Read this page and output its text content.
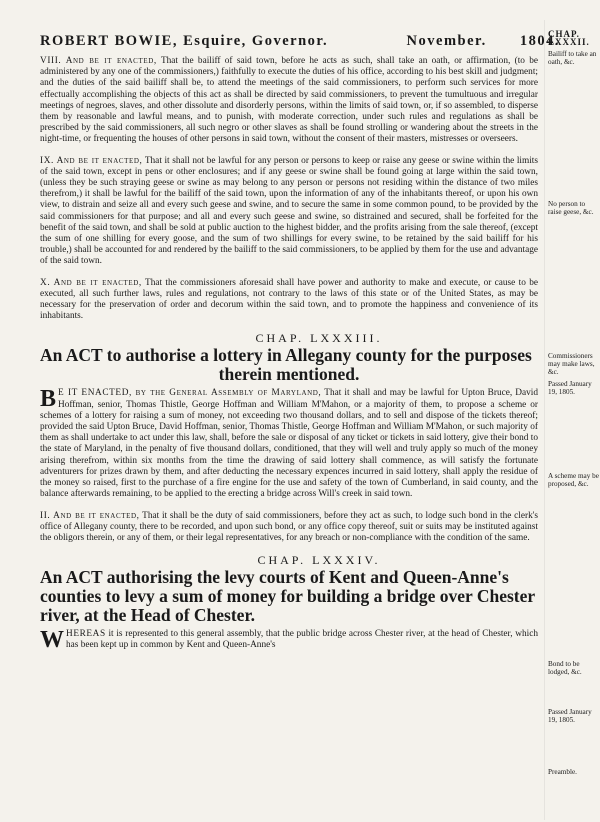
ROBERT BOWIE, Esquire, Governor.	November. 1804.

VIII. And be it enacted, That the bailiff of said town, before he acts as such, shall take an oath, or affirmation, (to be administered by any one of the commissioners,) faithfully to execute the duties of his office, according to his best skill and judgment; and the duties of the said bailiff shall be, to attend the meetings of the said commissioners, to perform such services for more effectually accomplishing the objects of this act as shall be directed by said commissioners, to prevent the tumultuous and irregular meetings of negroes, slaves, and other dissolute and disorderly persons, within the limits of said town, or, if so assembled, to disperse them by reasonable and lawful means, and to punish, with moderate correction, under such rules and regulations as shall be prescribed by the said commissioners, all such negro or other slaves as shall be found strolling or wandering about the streets in the night-time, or frequenting the houses of other persons in said town, without the consent of their masters, mistresses or overseers.

IX. And be it enacted, That it shall not be lawful for any person or persons to keep or raise any geese or swine within the limits of the said town, except in pens or other enclosures; and if any geese or swine shall be found going at large within the said town, (unless they be such straying geese or swine as may belong to any person or persons not residing within the distance of two miles therefrom,) it shall be lawful for the bailiff of the said town, upon the information of any of the inhabitants thereof, or upon his own view, to distrain and seize all and every such geese and swine, and to secure the same in some common pound, to be provided by the said commissioners for that purpose; and all and every such geese and swine, so distrained and secured, shall be forfeited for the benefit of the said town, and shall be sold at public auction to the highest bidder, and the profits arising from the sale thereof, (except the sum of one shilling for every goose, and the sum of two shillings for every swine, to be retained by the said bailiff for his trouble,) shall be accounted for and rendered by the bailiff to the said commissioners, to be applied by them for the use and advantage of the said town.

X. And be it enacted, That the commissioners aforesaid shall have power and authority to make and execute, or cause to be executed, all such further laws, rules and regulations, not contrary to the laws of this state or of the United States, as may be necessary for the preservation of order and decorum within the said town, and to promote the happiness and convenience of its inhabitants.

CHAP. LXXXIII.
An ACT to authorise a lottery in Allegany county for the purposes
therein mentioned.

B E IT ENACTED, by the General Assembly of Maryland, That it shall and may be lawful for Upton Bruce, David Hoffman, senior, Thomas Thistle, George Hoffman and William M'Mahon, or a majority of them, to propose a scheme or schemes of a lottery for raising a sum of money, not exceeding two thousand dollars, and to sell and dispose of the tickets thereof; provided the said Upton Bruce, David Hoffman, senior, Thomas Thistle, George Hoffman and William M'Mahon, or such majority of them as shall undertake to act under this law, shall, before the sale or disposal of any ticket or tickets in said lottery, give their bond to the state of Maryland, in the penalty of five thousand dollars, conditioned, that they will well and truly apply so much of the money arising therefrom, within six months from the time the drawing of said lottery shall commence, as will satisfy the fortunate adventurers for prizes drawn by them, and after deducting the necessary expences incurred in said lottery, shall apply the residue of the money so raised, first to the purchase of a fire engine for the use and safety of the town of Cumberland, in said county, and the balance afterwards remaining, to be applied to the erecting a bridge across Will's creek in said town.

II. And be it enacted, That it shall be the duty of said commissioners, before they act as such, to lodge such bond in the clerk's office of Allegany county, there to be recorded, and upon such bond, or any office copy thereof, suit or suits may be instituted against the obligors therein, or any of them, or their legal representatives, for any breach or non-compliance with the condition of the same.

CHAP. LXXXIV.
An ACT authorising the levy courts of Kent and Queen-Anne's
counties to levy a sum of money for building a bridge over Chester
river, at the Head of Chester.

W HEREAS it is represented to this general assembly, that the public bridge across Chester river, at the head of Chester, which has been kept up in common by Kent and Queen-Anne's

CHAP. LXXXII.
Bailiff to take an oath, &c.
No person to raise geese, &c.
Commissioners may make laws, &c.
Passed January 19, 1805.
A scheme may be proposed, &c.
Bond to be lodged, &c.
Passed January 19, 1805.
Preamble.
